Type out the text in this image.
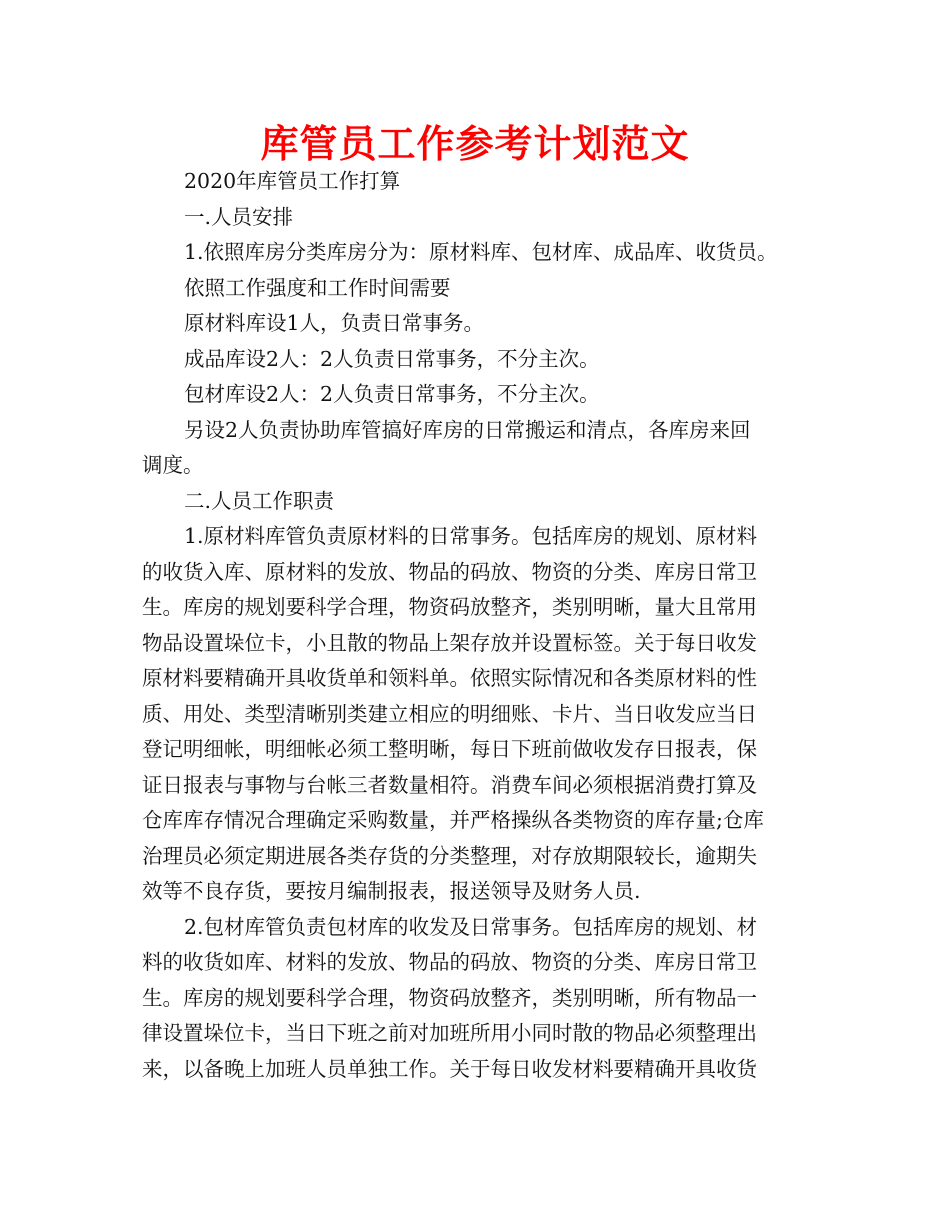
库管员工作参考计划范文
2020年库管员工作打算
一.人员安排
1.依照库房分类库房分为：原材料库、包材库、成品库、收货员。
依照工作强度和工作时间需要
原材料库设1人，负责日常事务。
成品库设2人：2人负责日常事务，不分主次。
包材库设2人：2人负责日常事务，不分主次。
另设2人负责协助库管搞好库房的日常搬运和清点，各库房来回
调度。
二.人员工作职责
1.原材料库管负责原材料的日常事务。包括库房的规划、原材料
的收货入库、原材料的发放、物品的码放、物资的分类、库房日常卫
生。库房的规划要科学合理，物资码放整齐，类别明晰，量大且常用
物品设置垛位卡，小且散的物品上架存放并设置标签。关于每日收发
原材料要精确开具收货单和领料单。依照实际情况和各类原材料的性
质、用处、类型清晰别类建立相应的明细账、卡片、当日收发应当日
登记明细帐，明细帐必须工整明晰，每日下班前做收发存日报表，保
证日报表与事物与台帐三者数量相符。消费车间必须根据消费打算及
仓库库存情况合理确定采购数量，并严格操纵各类物资的库存量;仓库
治理员必须定期进展各类存货的分类整理，对存放期限较长，逾期失
效等不良存货，要按月编制报表，报送领导及财务人员.
2.包材库管负责包材库的收发及日常事务。包括库房的规划、材
料的收货如库、材料的发放、物品的码放、物资的分类、库房日常卫
生。库房的规划要科学合理，物资码放整齐，类别明晰，所有物品一
律设置垛位卡，当日下班之前对加班所用小同时散的物品必须整理出
来，以备晚上加班人员单独工作。关于每日收发材料要精确开具收货
